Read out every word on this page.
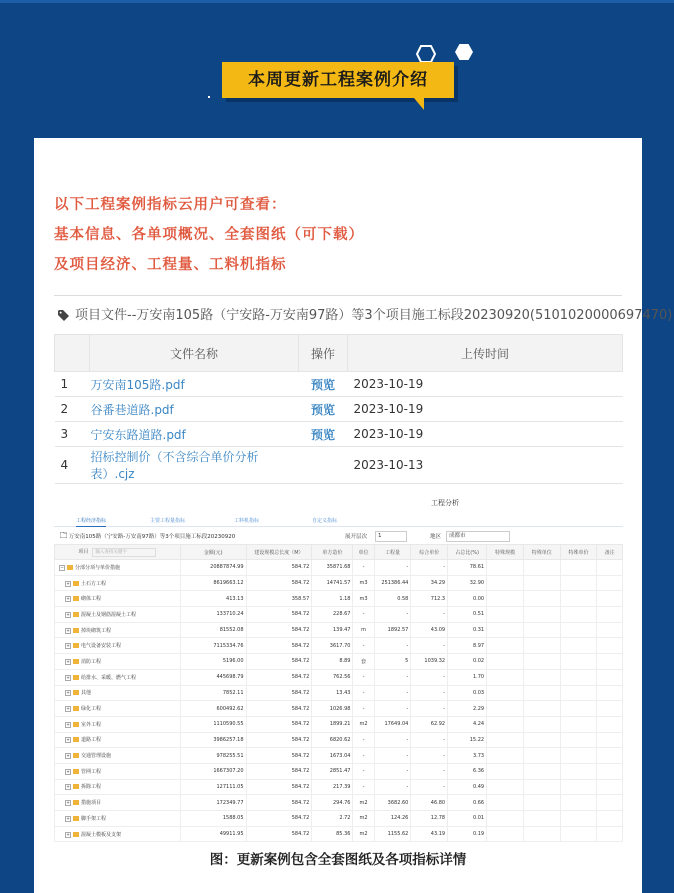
本周更新工程案例介绍
以下工程案例指标云用户可查看：
基本信息、各单项概况、全套图纸（可下载）
及项目经济、工程量、工料机指标
项目文件--万安南105路（宁安路-万安南97路）等3个项目施工标段20230920(5101020000697470)
	文件名称	操作	上传时间
1	万安南105路.pdf	预览	2023-10-19
2	谷番巷道路.pdf	预览	2023-10-19
3	宁安东路道路.pdf	预览	2023-10-19
4	招标控制价（不含综合单价分析表）.cjz		2023-10-13
工程分析
工程经济指标	主要工程量指标	工料机指标	自定义指标
万安南105路（宁安路-万安南97路）等3个项目施工标段20230920	展开层次	1	地区	成都市
项目 输入查找关键字	金额(元)	建设规模总长度（M）	单方造价	单位	工程量	综合单价	占总比(%)	特殊规模	特殊单位	特殊单价	备注
− 分部分项与单价措施	20887874.99	584.72	35871.68	-	-	-	78.61				
+ 土石方工程	8619663.12	584.72	14741.57	m3	251386.44	34.29	32.90				
+ 砌体工程	413.13	358.57	1.18	m3	0.58	712.3	0.00				
+ 混凝土及钢筋混凝土工程	133710.24	584.72	228.67	-	-	-	0.51				
+ 掉块砌筑工程	81552.08	584.72	139.47	m	1892.57	43.09	0.31				
+ 电气设备安装工程	7115334.76	584.72	3617.70	-	-	-	8.97				
+ 消防工程	5196.00	584.72	8.89	套	5	1039.32	0.02				
+ 给排水、采暖、燃气工程	445698.79	584.72	762.56	-	-	-	1.70				
+ 其他	7852.11	584.72	13.43	-	-	-	0.03				
+ 绿化工程	600492.62	584.72	1026.98	-	-	-	2.29				
+ 室外工程	1110590.55	584.72	1899.21	m2	17649.04	62.92	4.24				
+ 道路工程	3986257.18	584.72	6820.62	-	-	-	15.22				
+ 交通管理设施	978255.51	584.72	1673.04	-	-	-	3.73				
+ 管网工程	1667307.20	584.72	2851.47	-	-	-	6.36				
+ 拆除工程	127111.05	584.72	217.39	-	-	-	0.49				
+ 措施项目	172349.77	584.72	294.76	m2	3682.60	46.80	0.66				
+ 脚手架工程	1588.05	584.72	2.72	m2	124.26	12.78	0.01				
+ 混凝土模板及支架	49911.95	584.72	85.36	m2	1155.62	43.19	0.19				
图：更新案例包含全套图纸及各项指标详情
